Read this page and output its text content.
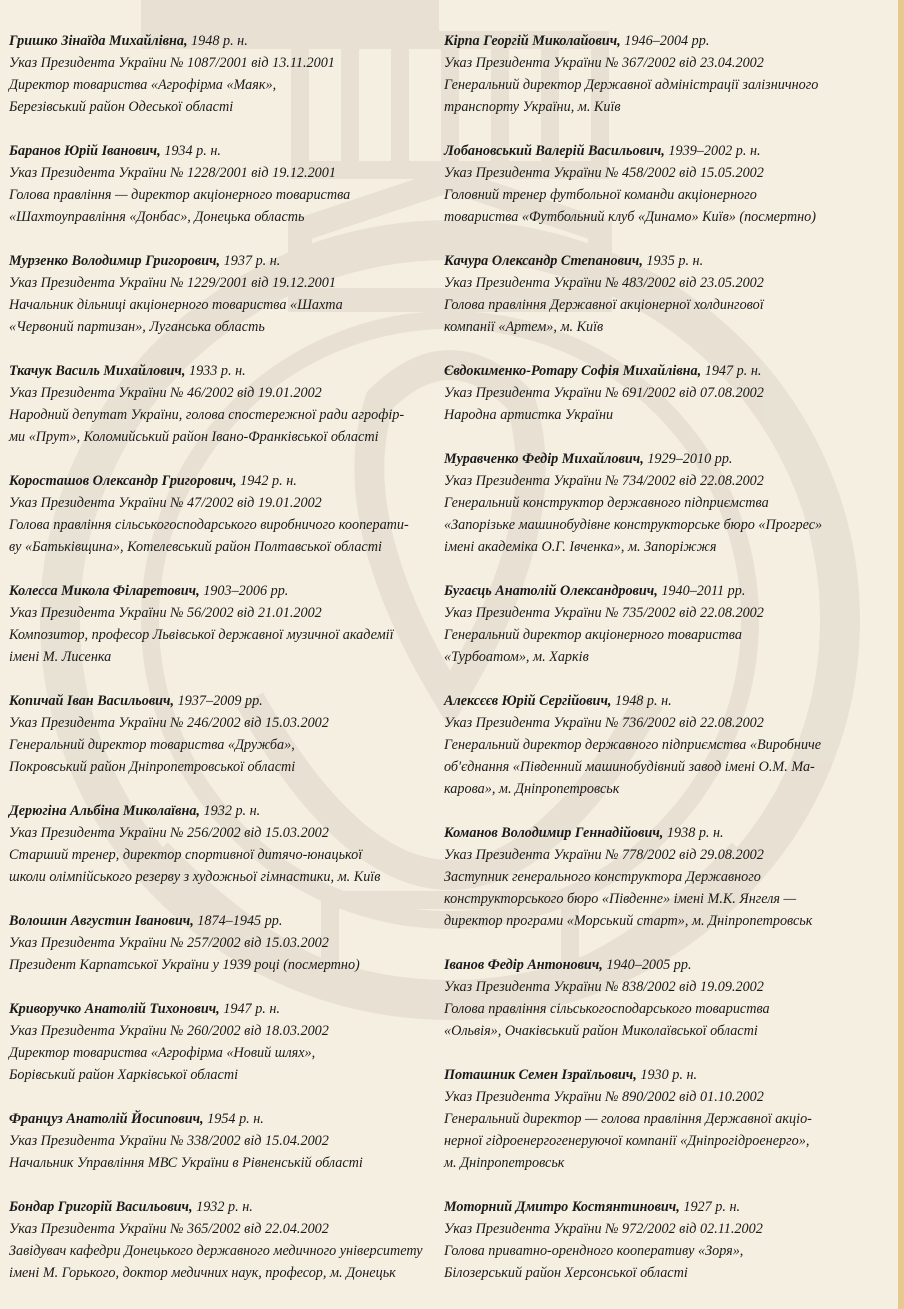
Гришко Зінаїда Михайлівна, 1948 р. н.
Указ Президента України № 1087/2001 від 13.11.2001
Директор товариства «Агрофірма «Маяк»,
Березівський район Одеської області
Баранов Юрій Іванович, 1934 р. н.
Указ Президента України № 1228/2001 від 19.12.2001
Голова правління — директор акціонерного товариства
«Шахтоуправління «Донбас», Донецька область
Мурзенко Володимир Григорович, 1937 р. н.
Указ Президента України № 1229/2001 від 19.12.2001
Начальник дільниці акціонерного товариства «Шахта
«Червоний партизан», Луганська область
Ткачук Василь Михайлович, 1933 р. н.
Указ Президента України № 46/2002 від 19.01.2002
Народний депутат України, голова спостережної ради агрофір-
ми «Прут», Коломийський район Івано-Франківської області
Коросташов Олександр Григорович, 1942 р. н.
Указ Президента України № 47/2002 від 19.01.2002
Голова правління сільськогосподарського виробничого кооперати-
ву «Батьківщина», Котелевський район Полтавської області
Колесса Микола Філаретович, 1903–2006 рр.
Указ Президента України № 56/2002 від 21.01.2002
Композитор, професор Львівської державної музичної академії
імені М. Лисенка
Копичай Іван Васильович, 1937–2009 рр.
Указ Президента України № 246/2002 від 15.03.2002
Генеральний директор товариства «Дружба»,
Покровський район Дніпропетровської області
Дерюгіна Альбіна Миколаївна, 1932 р. н.
Указ Президента України № 256/2002 від 15.03.2002
Старший тренер, директор спортивної дитячо-юнацької
школи олімпійського резерву з художньої гімнастики, м. Київ
Волошин Августин Іванович, 1874–1945 рр.
Указ Президента України № 257/2002 від 15.03.2002
Президент Карпатської України у 1939 році (посмертно)
Криворучко Анатолій Тихонович, 1947 р. н.
Указ Президента України № 260/2002 від 18.03.2002
Директор товариства «Агрофірма «Новий шлях»,
Борівський район Харківської області
Француз Анатолій Йосипович, 1954 р. н.
Указ Президента України № 338/2002 від 15.04.2002
Начальник Управління МВС України в Рівненській області
Бондар Григорій Васильович, 1932 р. н.
Указ Президента України № 365/2002 від 22.04.2002
Завідувач кафедри Донецького державного медичного університету
імені М. Горького, доктор медичних наук, професор, м. Донецьк
Кірпа Георгій Миколайович, 1946–2004 рр.
Указ Президента України № 367/2002 від 23.04.2002
Генеральний директор Державної адміністрації залізничного
транспорту України, м. Київ
Лобановський Валерій Васильович, 1939–2002 р. н.
Указ Президента України № 458/2002 від 15.05.2002
Головний тренер футбольної команди акціонерного
товариства «Футбольний клуб «Динамо» Київ» (посмертно)
Качура Олександр Степанович, 1935 р. н.
Указ Президента України № 483/2002 від 23.05.2002
Голова правління Державної акціонерної холдингової
компанії «Артем», м. Київ
Євдокименко-Ротару Софія Михайлівна, 1947 р. н.
Указ Президента України № 691/2002 від 07.08.2002
Народна артистка України
Муравченко Федір Михайлович, 1929–2010 рр.
Указ Президента України № 734/2002 від 22.08.2002
Генеральний конструктор державного підприємства
«Запорізьке машинобудівне конструкторське бюро «Прогрес»
імені академіка О.Г. Івченка», м. Запоріжжя
Бугаєць Анатолій Олександрович, 1940–2011 рр.
Указ Президента України № 735/2002 від 22.08.2002
Генеральний директор акціонерного товариства
«Турбоатом», м. Харків
Алексєєв Юрій Сергійович, 1948 р. н.
Указ Президента України № 736/2002 від 22.08.2002
Генеральний директор державного підприємства «Виробниче
об'єднання «Південний машинобудівний завод імені О.М. Ма-
карова», м. Дніпропетровськ
Команов Володимир Геннадійович, 1938 р. н.
Указ Президента України № 778/2002 від 29.08.2002
Заступник генерального конструктора Державного
конструкторського бюро «Південне» імені М.К. Янгеля —
директор програми «Морський старт», м. Дніпропетровськ
Іванов Федір Антонович, 1940–2005 рр.
Указ Президента України № 838/2002 від 19.09.2002
Голова правління сільськогосподарського товариства
«Ольвія», Очаківський район Миколаївської області
Поташник Семен Ізраїльович, 1930 р. н.
Указ Президента України № 890/2002 від 01.10.2002
Генеральний директор — голова правління Державної акціо-
нерної гідроенергогенеруючої компанії «Дніпрогідроенерго»,
м. Дніпропетровськ
Моторний Дмитро Костянтинович, 1927 р. н.
Указ Президента України № 972/2002 від 02.11.2002
Голова приватно-орендного кооперативу «Зоря»,
Білозерський район Херсонської області
